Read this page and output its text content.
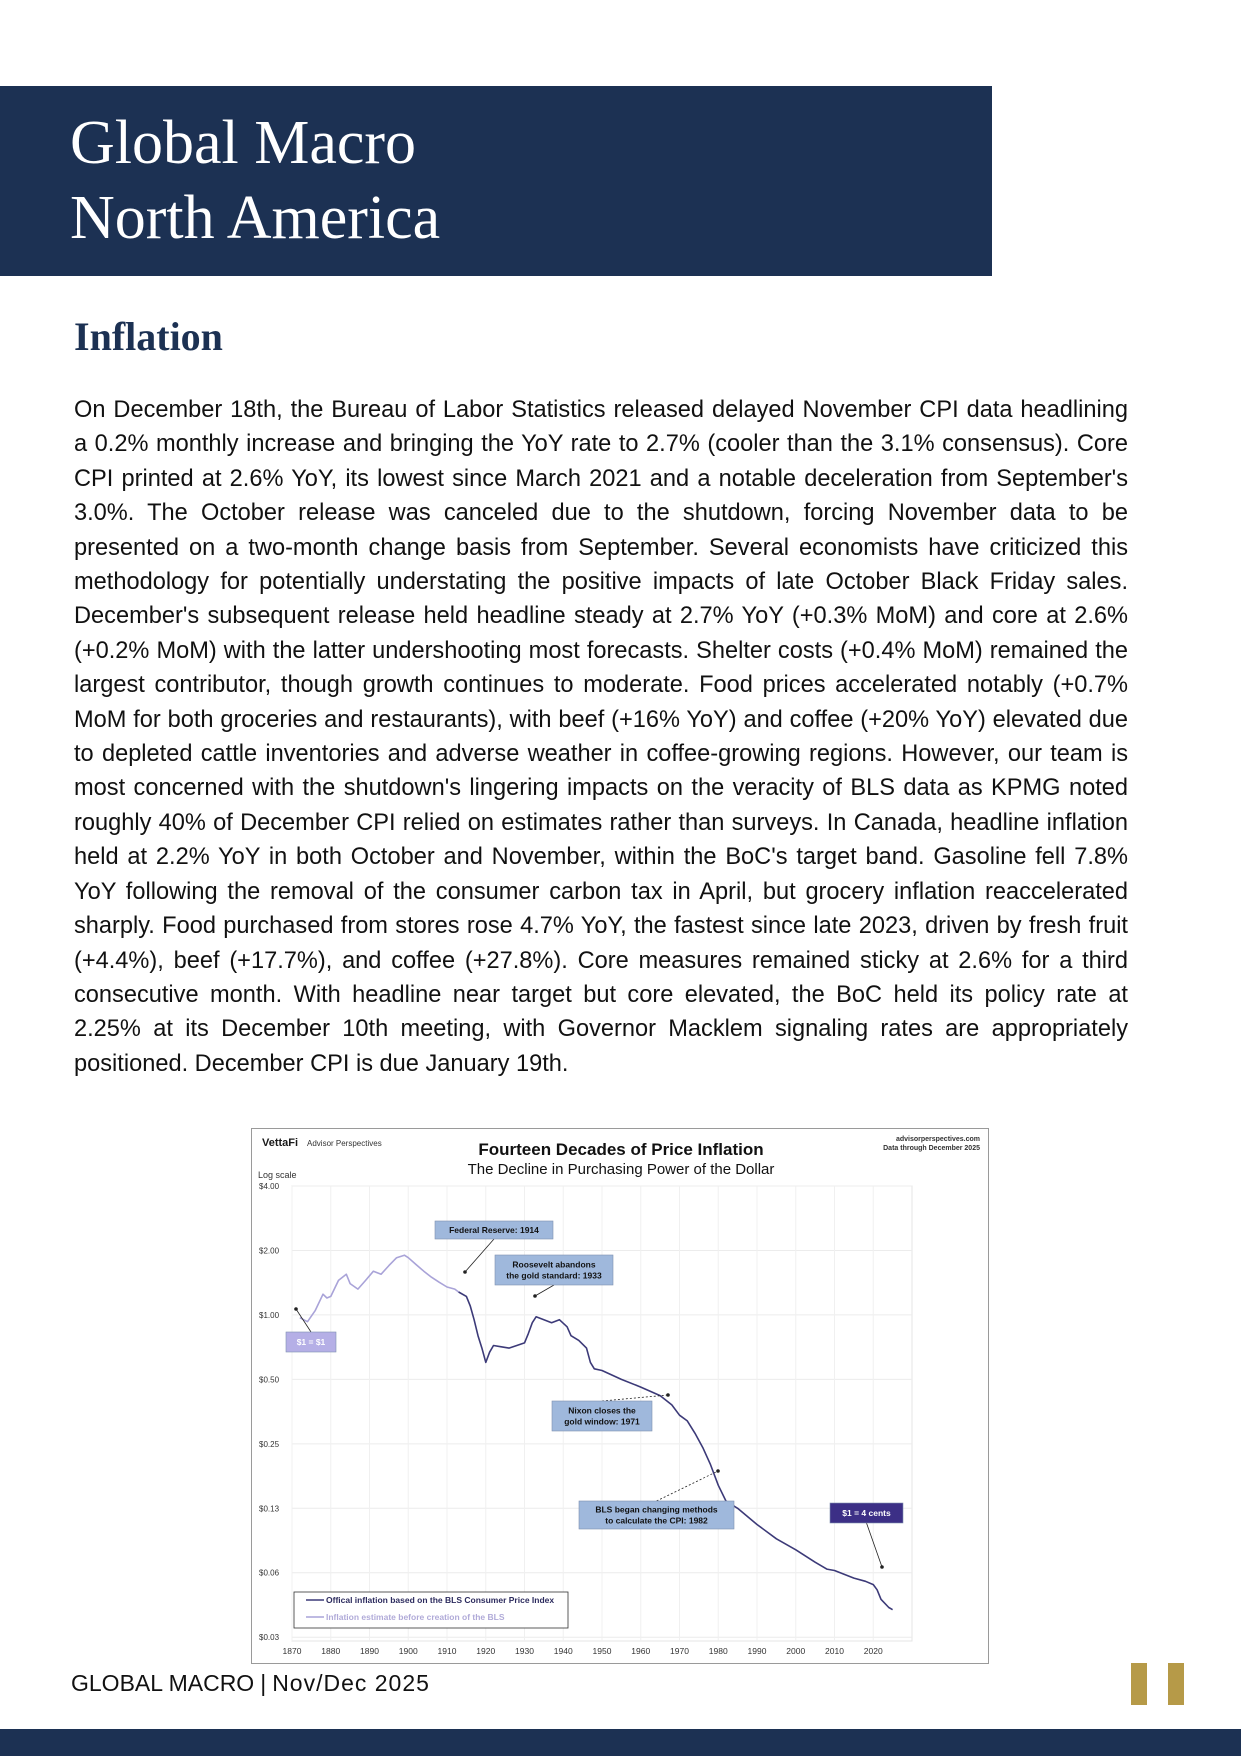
Global Macro
North America
Inflation

On December 18th, the Bureau of Labor Statistics released delayed November CPI data headlining a 0.2% monthly increase and bringing the YoY rate to 2.7% (cooler than the 3.1% consensus). Core CPI printed at 2.6% YoY, its lowest since March 2021 and a notable deceleration from September's 3.0%. The October release was canceled due to the shutdown, forcing November data to be presented on a two-month change basis from September. Several economists have criticized this methodology for potentially understating the positive impacts of late October Black Friday sales. December's subsequent release held headline steady at 2.7% YoY (+0.3% MoM) and core at 2.6% (+0.2% MoM) with the latter undershooting most forecasts. Shelter costs (+0.4% MoM) remained the largest contributor, though growth continues to moderate. Food prices accelerated notably (+0.7% MoM for both groceries and restaurants), with beef (+16% YoY) and coffee (+20% YoY) elevated due to depleted cattle inventories and adverse weather in coffee-growing regions. However, our team is most concerned with the shutdown's lingering impacts on the veracity of BLS data as KPMG noted roughly 40% of December CPI relied on estimates rather than surveys. In Canada, headline inflation held at 2.2% YoY in both October and November, within the BoC's target band. Gasoline fell 7.8% YoY following the removal of the consumer carbon tax in April, but grocery inflation reaccelerated sharply. Food purchased from stores rose 4.7% YoY, the fastest since late 2023, driven by fresh fruit (+4.4%), beef (+17.7%), and coffee (+27.8%). Core measures remained sticky at 2.6% for a third consecutive month. With headline near target but core elevated, the BoC held its policy rate at 2.25% at its December 10th meeting, with Governor Macklem signaling rates are appropriately positioned. December CPI is due January 19th.

VettaFi Advisor Perspectives	Fourteen Decades of Price Inflation
The Decline in Purchasing Power of the Dollar
advisorperspectives.com
Data through December 2025
Log scale
$4.00
$2.00
$1.00
$0.50
$0.25
$0.13
$0.06
$0.03
1870 1880 1890 1900 1910 1920 1930 1940 1950 1960 1970 1980 1990 2000 2010 2020
Federal Reserve: 1914
Roosevelt abandons
the gold standard: 1933
Nixon closes the
gold window: 1971
BLS began changing methods
to calculate the CPI: 1982
$1 = $1
$1 = 4 cents
Offical inflation based on the BLS Consumer Price Index
Inflation estimate before creation of the BLS
GLOBAL MACRO | Nov/Dec 2025
